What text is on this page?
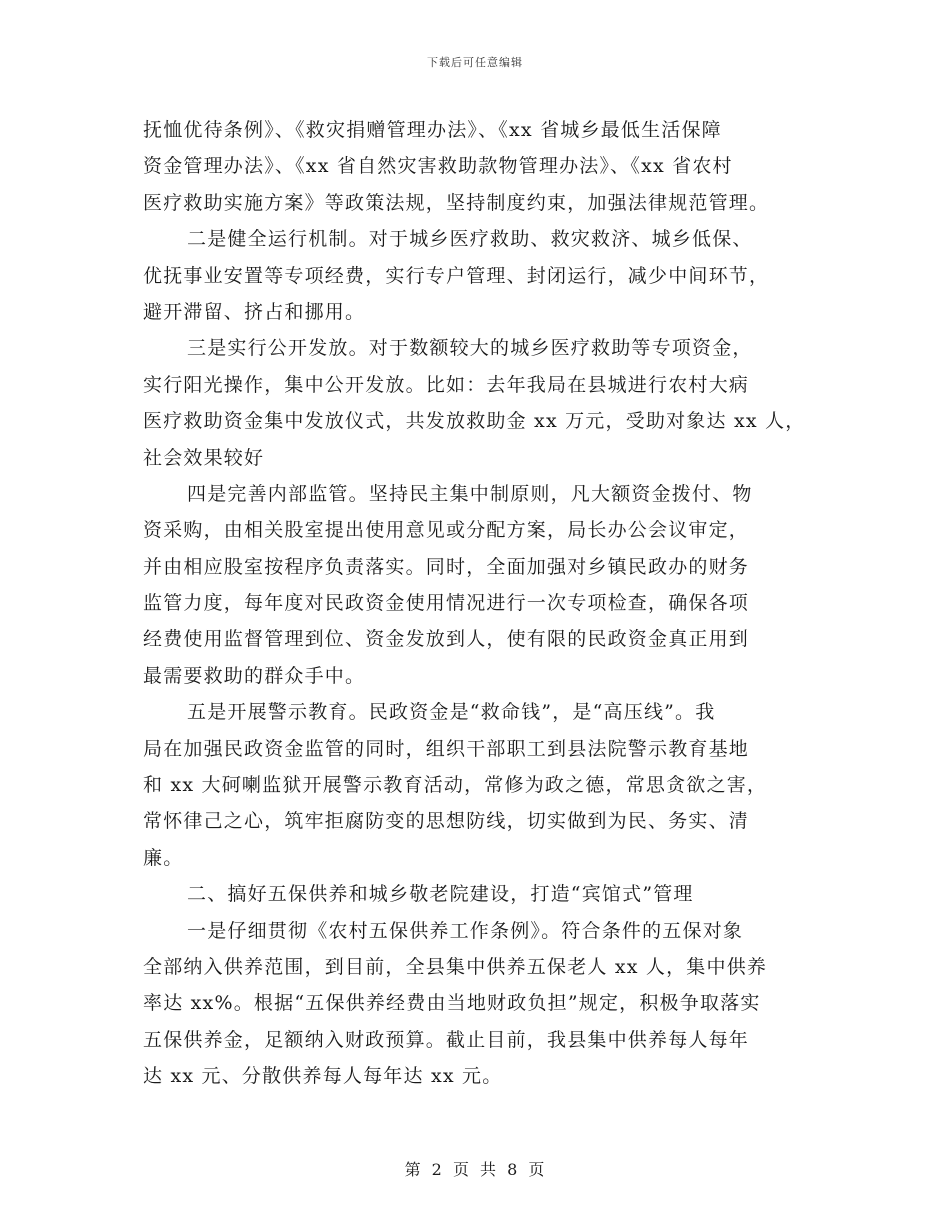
下载后可任意编辑
抚恤优待条例》、《救灾捐赠管理办法》、《xx 省城乡最低生活保障
资金管理办法》、《xx 省自然灾害救助款物管理办法》、《xx 省农村
医疗救助实施方案》等政策法规，坚持制度约束，加强法律规范管理。
二是健全运行机制。对于城乡医疗救助、救灾救济、城乡低保、
优抚事业安置等专项经费，实行专户管理、封闭运行，减少中间环节，
避开滞留、挤占和挪用。
三是实行公开发放。对于数额较大的城乡医疗救助等专项资金，
实行阳光操作，集中公开发放。比如：去年我局在县城进行农村大病
医疗救助资金集中发放仪式，共发放救助金 xx 万元，受助对象达 xx 人，
社会效果较好
四是完善内部监管。坚持民主集中制原则，凡大额资金拨付、物
资采购，由相关股室提出使用意见或分配方案，局长办公会议审定，
并由相应股室按程序负责落实。同时，全面加强对乡镇民政办的财务
监管力度，每年度对民政资金使用情况进行一次专项检查，确保各项
经费使用监督管理到位、资金发放到人，使有限的民政资金真正用到
最需要救助的群众手中。
五是开展警示教育。民政资金是“救命钱”，是“高压线”。我
局在加强民政资金监管的同时，组织干部职工到县法院警示教育基地
和 xx 大砢喇监狱开展警示教育活动，常修为政之德，常思贪欲之害，
常怀律己之心，筑牢拒腐防变的思想防线，切实做到为民、务实、清
廉。
二、搞好五保供养和城乡敬老院建设，打造“宾馆式”管理
一是仔细贯彻《农村五保供养工作条例》。符合条件的五保对象
全部纳入供养范围，到目前，全县集中供养五保老人 xx 人，集中供养
率达 xx%。根据“五保供养经费由当地财政负担”规定，积极争取落实
五保供养金，足额纳入财政预算。截止目前，我县集中供养每人每年
达 xx 元、分散供养每人每年达 xx 元。
第 2 页 共 8 页
